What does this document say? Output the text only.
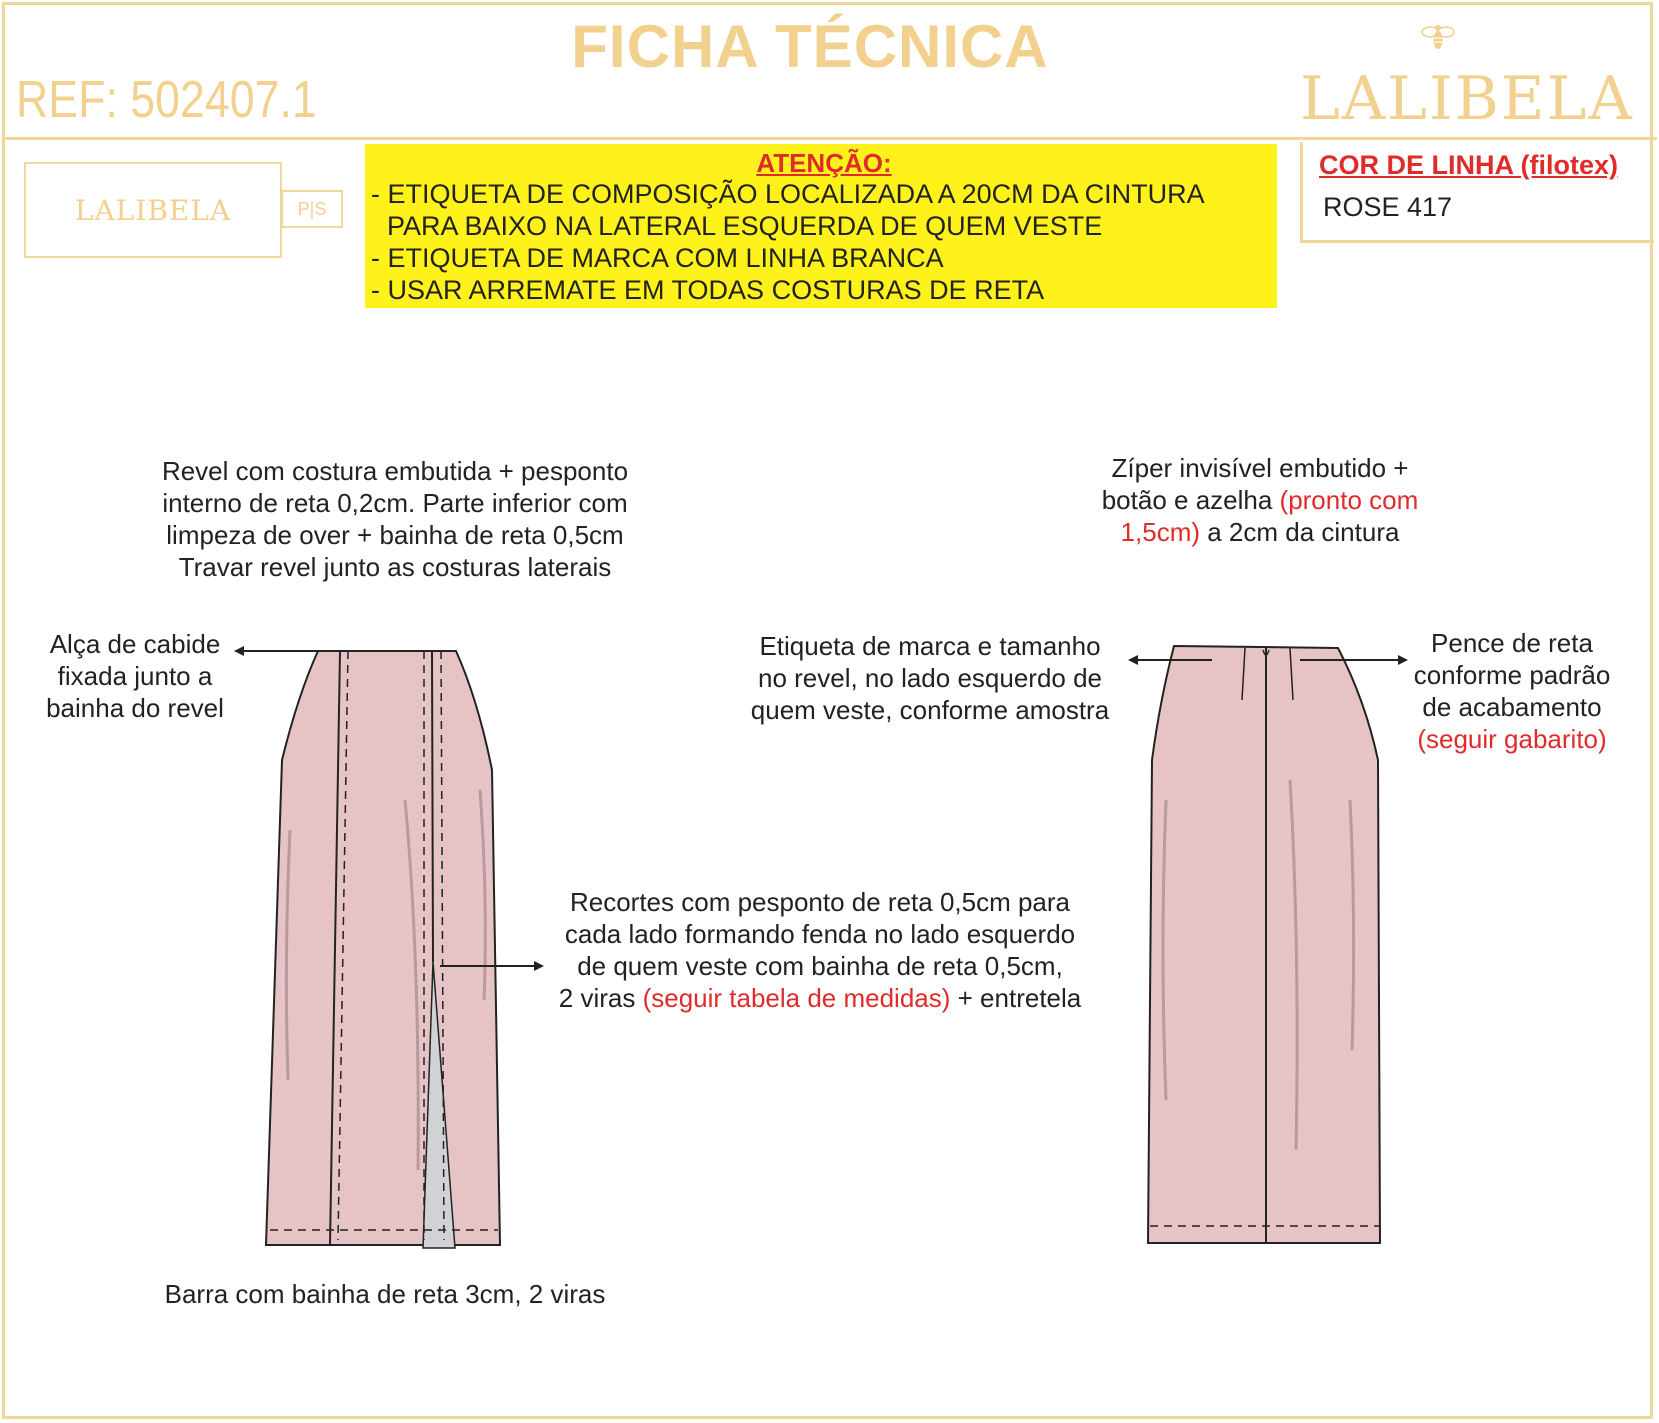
FICHA TÉCNICA
REF: 502407.1	LALIBELA
LALIBELA	P|S
ATENÇÃO:
- ETIQUETA DE COMPOSIÇÃO LOCALIZADA A 20CM DA CINTURA
PARA BAIXO NA LATERAL ESQUERDA DE QUEM VESTE
- ETIQUETA DE MARCA COM LINHA BRANCA
- USAR ARREMATE EM TODAS COSTURAS DE RETA
COR DE LINHA (filotex)
ROSE 417
Revel com costura embutida + pesponto
interno de reta 0,2cm. Parte inferior com
limpeza de over + bainha de reta 0,5cm
Travar revel junto as costuras laterais
Alça de cabide
fixada junto a
bainha do revel
Barra com bainha de reta 3cm, 2 viras
Recortes com pesponto de reta 0,5cm para
cada lado formando fenda no lado esquerdo
de quem veste com bainha de reta 0,5cm,
2 viras (seguir tabela de medidas) + entretela
Zíper invisível embutido +
botão e azelha (pronto com
1,5cm) a 2cm da cintura
Etiqueta de marca e tamanho
no revel, no lado esquerdo de
quem veste, conforme amostra
Pence de reta
conforme padrão
de acabamento
(seguir gabarito)
